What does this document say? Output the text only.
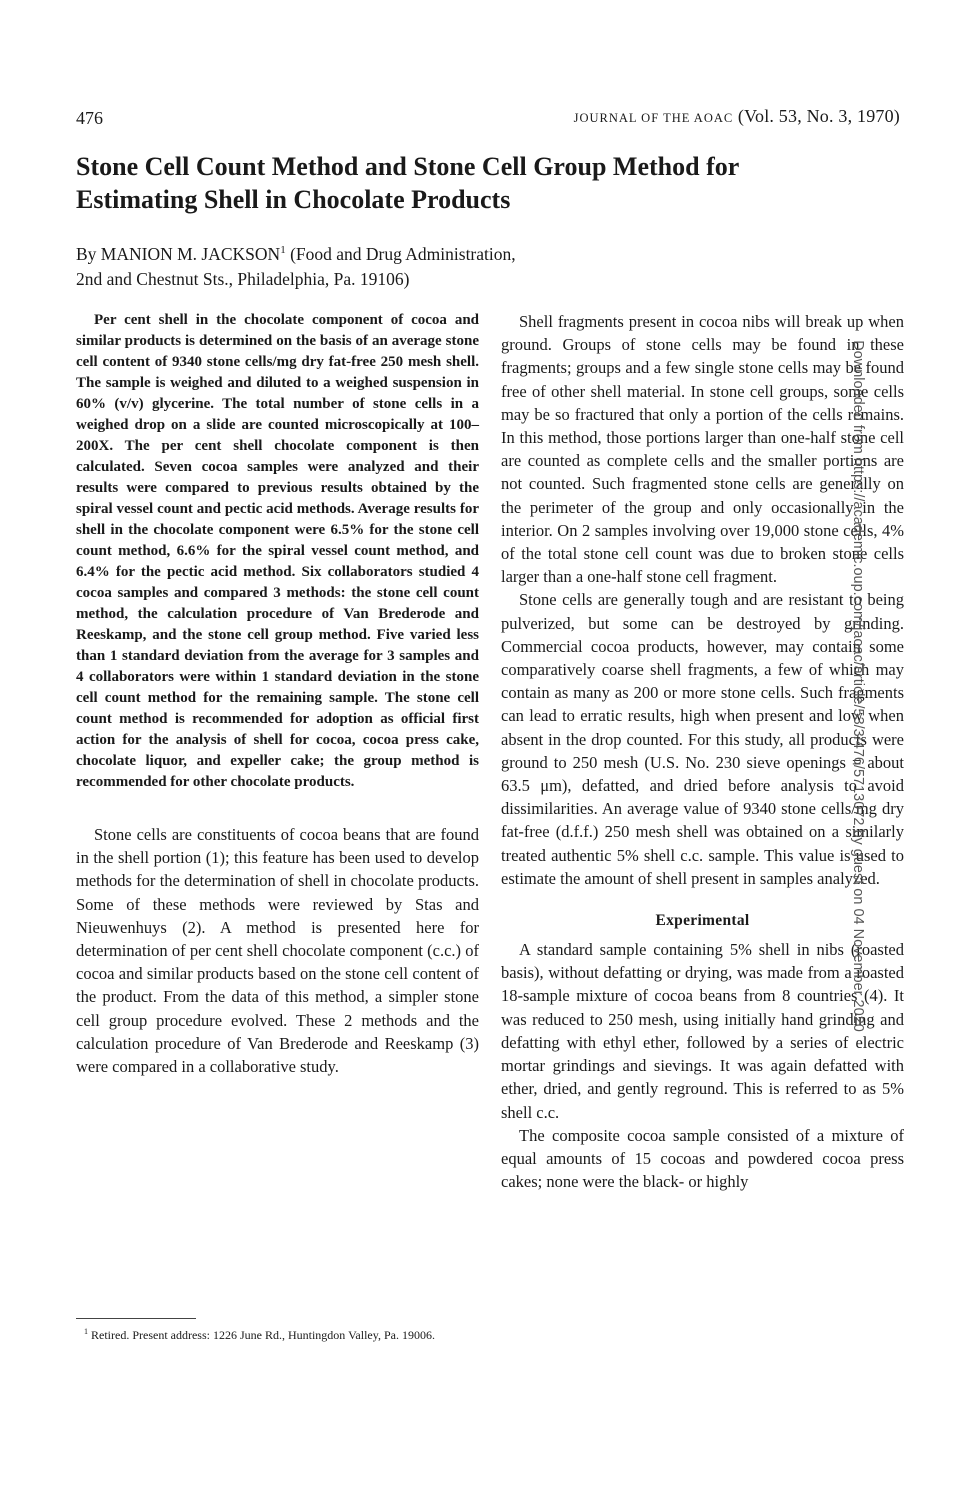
476	JOURNAL OF THE AOAC (Vol. 53, No. 3, 1970)
Stone Cell Count Method and Stone Cell Group Method for Estimating Shell in Chocolate Products
By MANION M. JACKSON$^1$ (Food and Drug Administration,
2nd and Chestnut Sts., Philadelphia, Pa. 19106)

Per cent shell in the chocolate component of cocoa and similar products is determined on the basis of an average stone cell content of 9340 stone cells/mg dry fat-free 250 mesh shell. The sample is weighed and diluted to a weighed suspension in 60% (v/v) glycerine. The total number of stone cells in a weighed drop on a slide are counted microscopically at 100–200X. The per cent shell chocolate component is then calculated. Seven cocoa samples were analyzed and their results were compared to previous results obtained by the spiral vessel count and pectic acid methods. Average results for shell in the chocolate component were 6.5% for the stone cell count method, 6.6% for the spiral vessel count method, and 6.4% for the pectic acid method. Six collaborators studied 4 cocoa samples and compared 3 methods: the stone cell count method, the calculation procedure of Van Brederode and Reeskamp, and the stone cell group method. Five varied less than 1 standard deviation from the average for 3 samples and 4 collaborators were within 1 standard deviation in the stone cell count method for the remaining sample. The stone cell count method is recommended for adoption as official first action for the analysis of shell for cocoa, cocoa press cake, chocolate liquor, and expeller cake; the group method is recommended for other chocolate products.

Stone cells are constituents of cocoa beans that are found in the shell portion (1); this feature has been used to develop methods for the determination of shell in chocolate products. Some of these methods were reviewed by Stas and Nieuwenhuys (2). A method is presented here for determination of per cent shell chocolate component (c.c.) of cocoa and similar products based on the stone cell content of the product. From the data of this method, a simpler stone cell group procedure evolved. These 2 methods and the calculation procedure of Van Brederode and Reeskamp (3) were compared in a collaborative study.

Shell fragments present in cocoa nibs will break up when ground. Groups of stone cells may be found in these fragments; groups and a few single stone cells may be found free of other shell material. In stone cell groups, some cells may be so fractured that only a portion of the cells remains. In this method, those portions larger than one-half stone cell are counted as complete cells and the smaller portions are not counted. Such fragmented stone cells are generally on the perimeter of the group and only occasionally in the interior. On 2 samples involving over 19,000 stone cells, 4% of the total stone cell count was due to broken stone cells larger than a one-half stone cell fragment.

Stone cells are generally tough and are resistant to being pulverized, but some can be destroyed by grinding. Commercial cocoa products, however, may contain some comparatively coarse shell fragments, a few of which may contain as many as 200 or more stone cells. Such fragments can lead to erratic results, high when present and low when absent in the drop counted. For this study, all products were ground to 250 mesh (U.S. No. 230 sieve openings = about 63.5 μm), defatted, and dried before analysis to avoid dissimilarities. An average value of 9340 stone cells/mg dry fat-free (d.f.f.) 250 mesh shell was obtained on a similarly treated authentic 5% shell c.c. sample. This value is used to estimate the amount of shell present in samples analyzed.

Experimental

A standard sample containing 5% shell in nibs (roasted basis), without defatting or drying, was made from a roasted 18-sample mixture of cocoa beans from 8 countries (4). It was reduced to 250 mesh, using initially hand grinding and defatting with ethyl ether, followed by a series of electric mortar grindings and sievings. It was again defatted with ether, dried, and gently reground. This is referred to as 5% shell c.c.

The composite cocoa sample consisted of a mixture of equal amounts of 15 cocoas and powdered cocoa press cakes; none were the black- or highly

$^1$ Retired. Present address: 1226 June Rd., Huntingdon Valley, Pa. 19006.
Downloaded from https://academic.oup.com/jaoac/article/53/3/476/5713072 by guest on 04 November 2020
